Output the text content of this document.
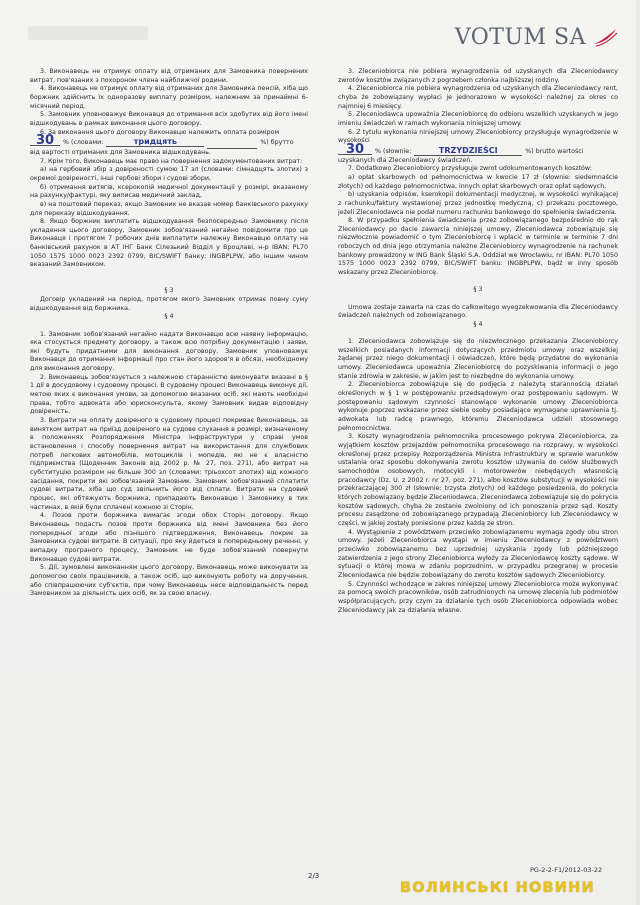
VOTUM SA

3. Виконавець не отримує оплату від отриманих для Замовника повернених витрат, пов'язаних з похороном члена найближчої родини.

4. Виконавець не отримує оплату від отриманих для Замовника пенсій, хіба що боржник здійснить їх одноразову виплату розміром, належним за принаймні 6-місячний період.

5. Замовник уповноважує Виконавця до отримання всіх здобутих від його імені відшкодувань в рамках виконання цього договору.

6. За виконання цього договору Виконавцю належить оплата розміром

30	% (словами:	тридцять
	%) брутто

від вартості отриманих для Замовника відшкодувань.

7. Крім того, Виконавець має право на повернення задокументованих витрат:

а) на гербовий збір з довіреності сумою 17 зл (словами: сімнадцять злотих) з окремої довіреності, інші гербові збори і судові збори,

б) отримання витягів, ксерокопій медичної документації у розмірі, вказаному на рахунку/фактурі, яку виписав медичний заклад,

в) на поштовий переказ, якщо Замовник не вказав номер банківського рахунку для переказу відшкодування.

8. Якщо боржник виплатить відшкодування безпосередньо Замовнику після укладення цього договору, Замовник зобов'язаний негайно повідомити про це Виконавця і протягом 7 робочих днів виплатити належну Виконавцю оплату на банківський рахунок в АТ ІНГ Банк Сілезький Відділ у Вроцлаві, н-р IBAN: PL70 1050 1575 1000 0023 2392 0799, BIC/SWIFT банку: INGBPLPW, або іншим чином вказаний Замовником.

§ 3

Договір укладений на період, протягом якого Замовник отримає повну суму відшкодування від боржника.

§ 4

1. Замовник зобов'язаний негайно надати Виконавцю всю наявну інформацію, яка стосується предмету договору, а також всю потрібну документацію і заяви, які будуть придатними для виконання договору. Замовник уповноважує Виконавця до отримання інформації про стан його здоров'я в обсязі, необхідному для виконання договору.

2. Виконавець зобов'язується з належною старанністю виконувати вказані в § 1 дії в досудовому і судовому процесі. В судовому процесі Виконавець виконує дії, метою яких є виконання умови, за допомогою вказаних осіб, які мають необхідні права, тобто адвоката або юрисконсульта, якому Замовник видав відповідну довіреність.

3. Витрати на оплату довіреного в судовому процесі покриває Виконавець, за винятком витрат на приїзд довіреного на судове слухання в розмірі, визначеному в положеннях Розпорядження Міністра інфраструктури у справі умов встановлення і способу повернення витрат на використання для службових потреб легкових автомобілів, мотоциклів і мопедів, які не є власністю підприємства (Щоденник Законів від 2002 р. № 27, поз. 271), або витрат на субституцію розміром не більше 300 зл (словами: тріьохсот злотих) від кожного засідання, покрити які зобов'язаний Замовник. Замовник зобов'язаний сплатити судові витрати, хіба що суд звільнить його від сплати. Витрати на судовий процес, які обтяжують боржника, припадають Виконавцю і Замовнику в тих частинах, в якій були сплачені кожною зі Сторін.

4. Позов проти боржника вимагає згоди обох Сторін договору. Якщо Виконавець подасть позов проти боржника від імені Замовника без його попередньої згоди або пізнішого підтвердження, Виконавець покриє за Замовника судові витрати. В ситуації, про яку йдеться в попередньому реченні, у випадку програного процесу, Замовник не буде зобов'язаний повернути Виконавцю судові витрати.

5. Дії, зумовлені виконанням цього договору, Виконавець може виконувати за допомогою своїх працівників, а також осіб, що виконують роботу на доручення, або співпрацюючих суб'єктів, при чому Виконавець несе відповідальність перед Замовником за діяльність цих осіб, як за свою власну.

3. Zleceniobiorca nie pobiera wynagrodzenia od uzyskanych dla Zleceniodawcy zwrotów kosztów związanych z pogrzebem członka najbliższej rodziny.

4. Zleceniobiorca nie pobiera wynagrodzenia od uzyskanych dla Zleceniodawcy rent, chyba że zobowiązany wypłaci je jednorazowo w wysokości należnej za okres co najmniej 6 miesięcy.

5. Zleceniodawca upoważnia Zleceniobiorcę do odbioru wszelkich uzyskanych w jego imieniu świadczeń w ramach wykonania niniejszej umowy.

6. Z tytułu wykonania niniejszej umowy Zleceniobiorcy przysługuje wynagrodzenie w wysokości

30	% (słownie:	TRZYDZIEŚCI	%) brutto wartości

uzyskanych dla Zleceniodawcy świadczeń.

7. Dodatkowo Zleceniobiorcy przysługuje zwrot udokumentowanych kosztów:

a) opłat skarbowych od pełnomocnictwa w kwocie 17 zł (słownie: siedemnaście złotych) od każdego pełnomocnictwa, innych opłat skarbowych oraz opłat sądowych,

b) uzyskania odpisów, kserokopii dokumentacji medycznej, w wysokości wynikającej z rachunku/faktury wystawionej przez jednostkę medyczną, c) przekazu pocztowego, jeżeli Zleceniodawca nie podał numeru rachunku bankowego do spełnienia świadczenia.

8. W przypadku spełnienia świadczenia przez zobowiązanego bezpośrednio do rąk Zleceniodawcy po dacie zawarcia niniejszej umowy, Zleceniodawca zobowiązuje się niezwłocznie powiadomić o tym Zleceniobiorcę i wpłacić w terminie w terminie 7 dni roboczych od dnia jego otrzymania należne Zleceniobiorcy wynagrodzenie na rachunek bankowy prowadzony w ING Bank Śląski S.A. Oddział we Wrocławiu, nr IBAN: PL70 1050 1575 1000 0023 2392 0799, BIC/SWIFT banku: INGBPLPW, bądź w inny sposób wskazany przez Zleceniobiorcę.

§ 3

Umowa zostaje zawarta na czas do całkowitego wyegzekwowania dla Zleceniodawcy świadczeń należnych od zobowiązanego.

§ 4

1. Zleceniodawca zobowiązuje się do niezwłocznego przekazania Zleceniobiorcy wszelkich posiadanych informacji dotyczących przedmiotu umowy oraz wszelkiej żądanej przez niego dokumentacji i oświadczeń, które będą przydatne do wykonania umowy. Zleceniodawca upoważnia Zleceniobiorcę do pozyskiwania informacji o jego stanie zdrowia w zakresie, w jakim jest to niezbędne do wykonania umowy.

2. Zleceniobiorca zobowiązuje się do podjęcia z należytą starannością działań określonych w § 1 w postępowaniu przedsądowym oraz postępowaniu sądowym. W postępowaniu sądowym czynności stanowiące wykonanie umowy Zleceniobiorca wykonuje poprzez wskazane przez siebie osoby posiadające wymagane uprawnienia tj. adwokata lub radcę prawnego, któremu Zleceniodawca udzieli stosownego pełnomocnictwa.

3. Koszty wynagrodzenia pełnomocnika procesowego pokrywa Zleceniobiorca, za wyjątkiem kosztów przejazdów pełnomocnika procesowego na rozprawy, w wysokości określonej przez przepisy Rozporządzenia Ministra Infrastruktury w sprawie warunków ustalania oraz sposobu dokonywania zwrotu kosztów używania do celów służbowych samochodów osobowych, motocykli i motorowerów niebędących własnością pracodawcy (Dz. U. z 2002 r. nr 27, poz. 271), albo kosztów substytucji w wysokości nie przekraczającej 300 zł (słownie: trzysta złotych) od każdego posiedzenia, do pokrycia których zobowiązany będzie Zleceniodawca. Zleceniodawca zobowiązuje się do pokrycia kosztów sądowych, chyba że zostanie zwolniony od ich ponoszenia przez sąd. Koszty procesu zasądzone od zobowiązanego przypadają Zleceniobiorcy lub Zleceniodawcy w części, w jakiej zostały poniesione przez każdą ze stron.

4. Wystąpienie z powództwem przeciwko zobowiązanemu wymaga zgody obu stron umowy. Jeżeli Zleceniobiorca wystąpi w imieniu Zleceniodawcy z powództwem przeciwko zobowiązanemu bez uprzedniej uzyskania zgody lub późniejszego zatwierdzenia z jego strony Zleceniobiorca wyłoży za Zleceniodawcę koszty sądowe. W sytuacji o której mowa w zdaniu poprzednim, w przypadku przegranej w procesie Zleceniodawca nie będzie zobowiązany do zwrotu kosztów sądowych Zleceniobiorcy.

5. Czynności wchodzące w zakres niniejszej umowy Zleceniobiorca może wykonywać za pomocą swoich pracowników, osób zatrudnionych na umowę zlecenia lub podmiotów współpracujących, przy czym za działanie tych osób Zleceniobiorca odpowiada wobec Zleceniodawcy jak za działania własne.

2/3
PG-2-2-F1/2012-03-22
ВОЛИНСЬКІ НОВИНИ
